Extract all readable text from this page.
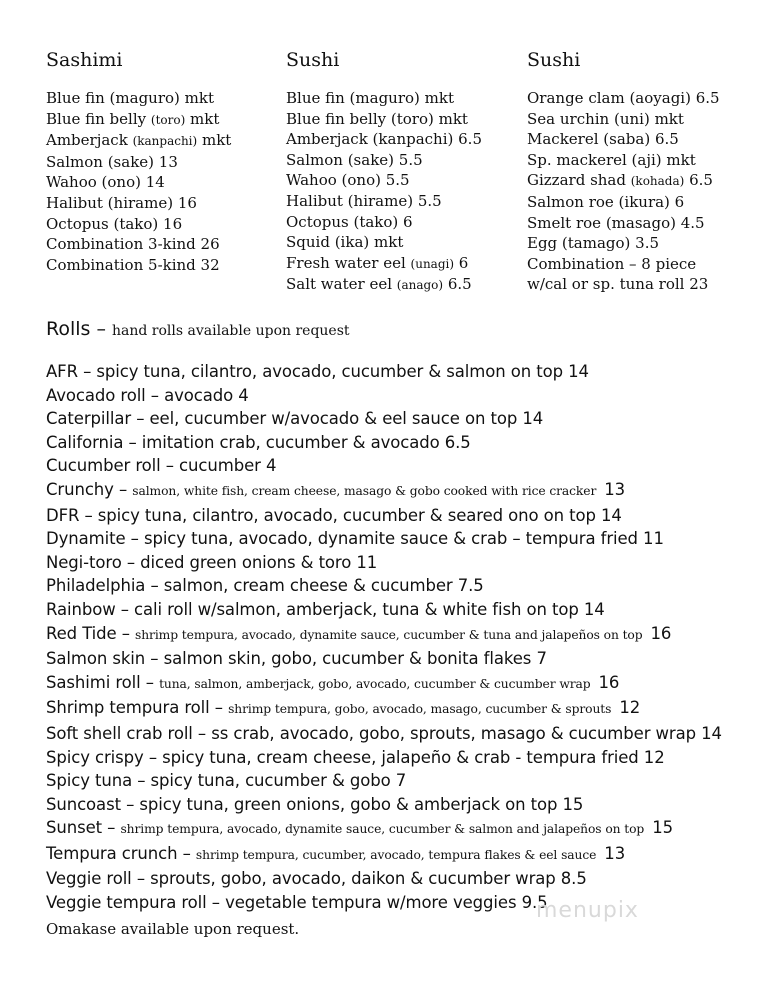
Sashimi
Blue fin (maguro) mkt
Blue fin belly (toro) mkt
Amberjack (kanpachi) mkt
Salmon (sake) 13
Wahoo (ono) 14
Halibut (hirame) 16
Octopus (tako) 16
Combination 3-kind 26
Combination 5-kind 32
Sushi
Blue fin (maguro) mkt
Blue fin belly (toro) mkt
Amberjack (kanpachi) 6.5
Salmon (sake) 5.5
Wahoo (ono) 5.5
Halibut (hirame) 5.5
Octopus (tako) 6
Squid (ika) mkt
Fresh water eel (unagi) 6
Salt water eel (anago) 6.5
Sushi
Orange clam (aoyagi) 6.5
Sea urchin (uni) mkt
Mackerel (saba) 6.5
Sp. mackerel (aji) mkt
Gizzard shad (kohada) 6.5
Salmon roe (ikura) 6
Smelt roe (masago) 4.5
Egg (tamago) 3.5
Combination – 8 piece
w/cal or sp. tuna roll 23
Rolls – hand rolls available upon request
AFR – spicy tuna, cilantro, avocado, cucumber & salmon on top 14
Avocado roll – avocado 4
Caterpillar – eel, cucumber w/avocado & eel sauce on top 14
California – imitation crab, cucumber & avocado 6.5
Cucumber roll – cucumber 4
Crunchy – salmon, white fish, cream cheese, masago & gobo cooked with rice cracker 13
DFR – spicy tuna, cilantro, avocado, cucumber & seared ono on top 14
Dynamite – spicy tuna, avocado, dynamite sauce & crab – tempura fried 11
Negi-toro – diced green onions & toro 11
Philadelphia – salmon, cream cheese & cucumber 7.5
Rainbow – cali roll w/salmon, amberjack, tuna & white fish on top 14
Red Tide – shrimp tempura, avocado, dynamite sauce, cucumber & tuna and jalapeños on top 16
Salmon skin – salmon skin, gobo, cucumber & bonita flakes 7
Sashimi roll – tuna, salmon, amberjack, gobo, avocado, cucumber & cucumber wrap 16
Shrimp tempura roll – shrimp tempura, gobo, avocado, masago, cucumber & sprouts 12
Soft shell crab roll – ss crab, avocado, gobo, sprouts, masago & cucumber wrap 14
Spicy crispy – spicy tuna, cream cheese, jalapeño & crab - tempura fried 12
Spicy tuna – spicy tuna, cucumber & gobo 7
Suncoast – spicy tuna, green onions, gobo & amberjack on top 15
Sunset – shrimp tempura, avocado, dynamite sauce, cucumber & salmon and jalapeños on top 15
Tempura crunch – shrimp tempura, cucumber, avocado, tempura flakes & eel sauce 13
Veggie roll – sprouts, gobo, avocado, daikon & cucumber wrap 8.5
Veggie tempura roll – vegetable tempura w/more veggies 9.5
Omakase available upon request.
menupix
